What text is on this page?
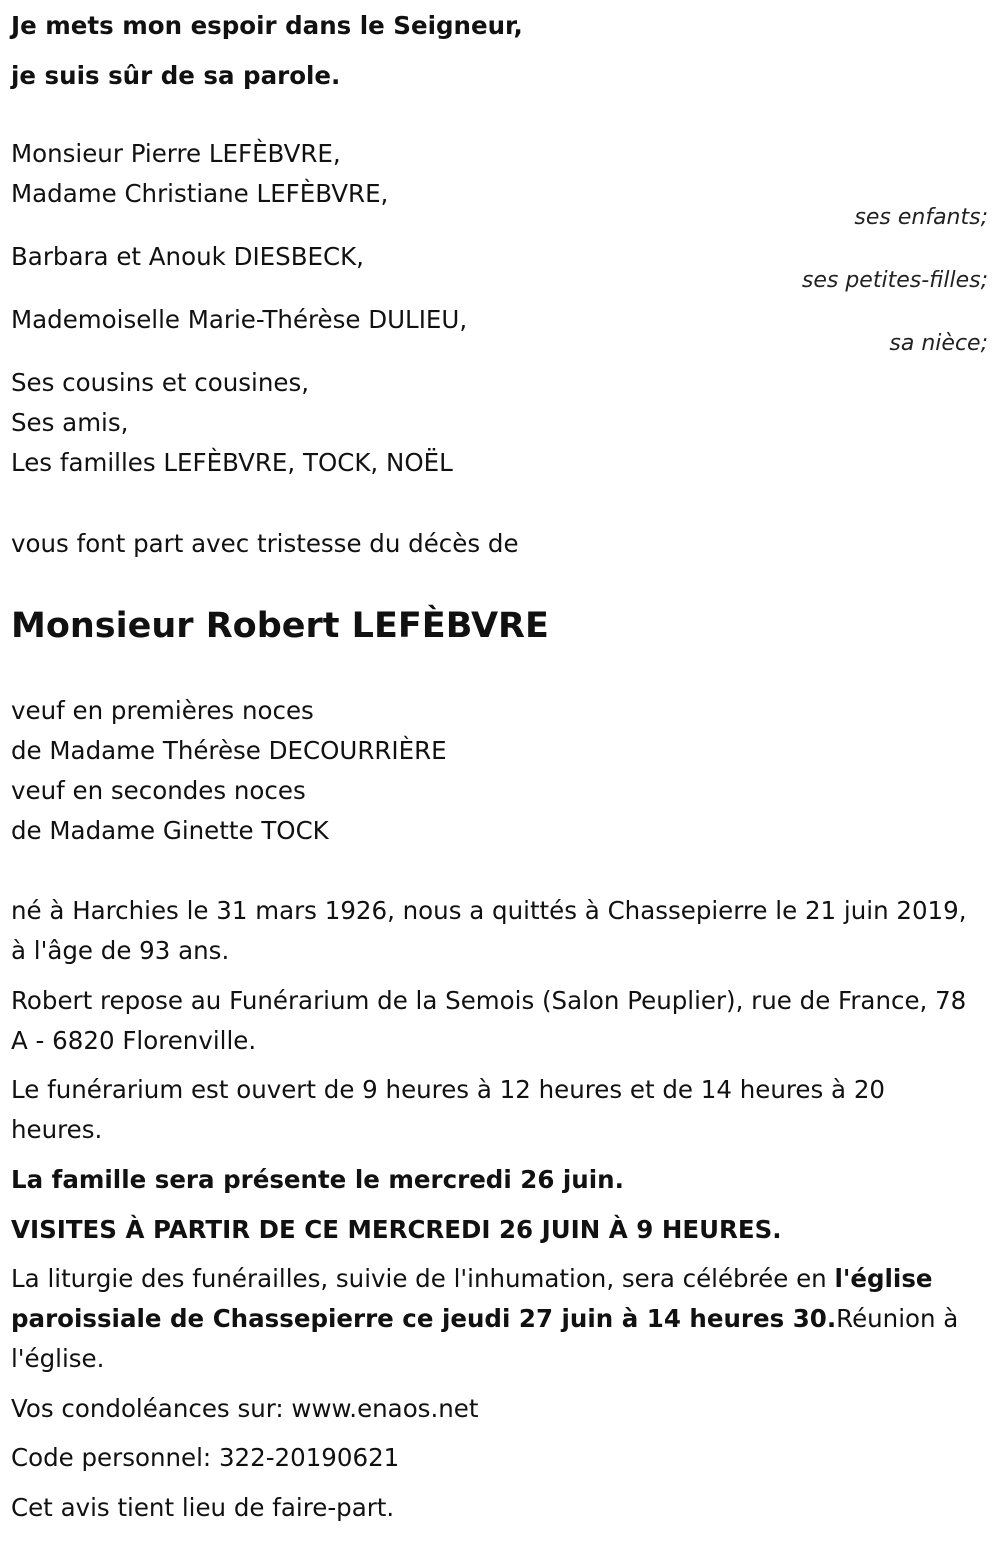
Je mets mon espoir dans le Seigneur,
je suis sûr de sa parole.
Monsieur Pierre LEFÈBVRE,
Madame Christiane LEFÈBVRE,
ses enfants;
Barbara et Anouk DIESBECK,
ses petites-filles;
Mademoiselle Marie-Thérèse DULIEU,
sa nièce;
Ses cousins et cousines,
Ses amis,
Les familles LEFÈBVRE, TOCK, NOËL
vous font part avec tristesse du décès de
Monsieur Robert LEFÈBVRE
veuf en premières noces
de Madame Thérèse DECOURRIÈRE
veuf en secondes noces
de Madame Ginette TOCK

né à Harchies le 31 mars 1926, nous a quittés à Chassepierre le 21 juin 2019, à l'âge de 93 ans.

Robert repose au Funérarium de la Semois (Salon Peuplier), rue de France, 78 A - 6820 Florenville.

Le funérarium est ouvert de 9 heures à 12 heures et de 14 heures à 20 heures.

La famille sera présente le mercredi 26 juin.
VISITES À PARTIR DE CE MERCREDI 26 JUIN À 9 HEURES.

La liturgie des funérailles, suivie de l'inhumation, sera célébrée en l'église paroissiale de Chassepierre ce jeudi 27 juin à 14 heures 30.Réunion à l'église.

Vos condoléances sur: www.enaos.net
Code personnel: 322-20190621
Cet avis tient lieu de faire-part.
